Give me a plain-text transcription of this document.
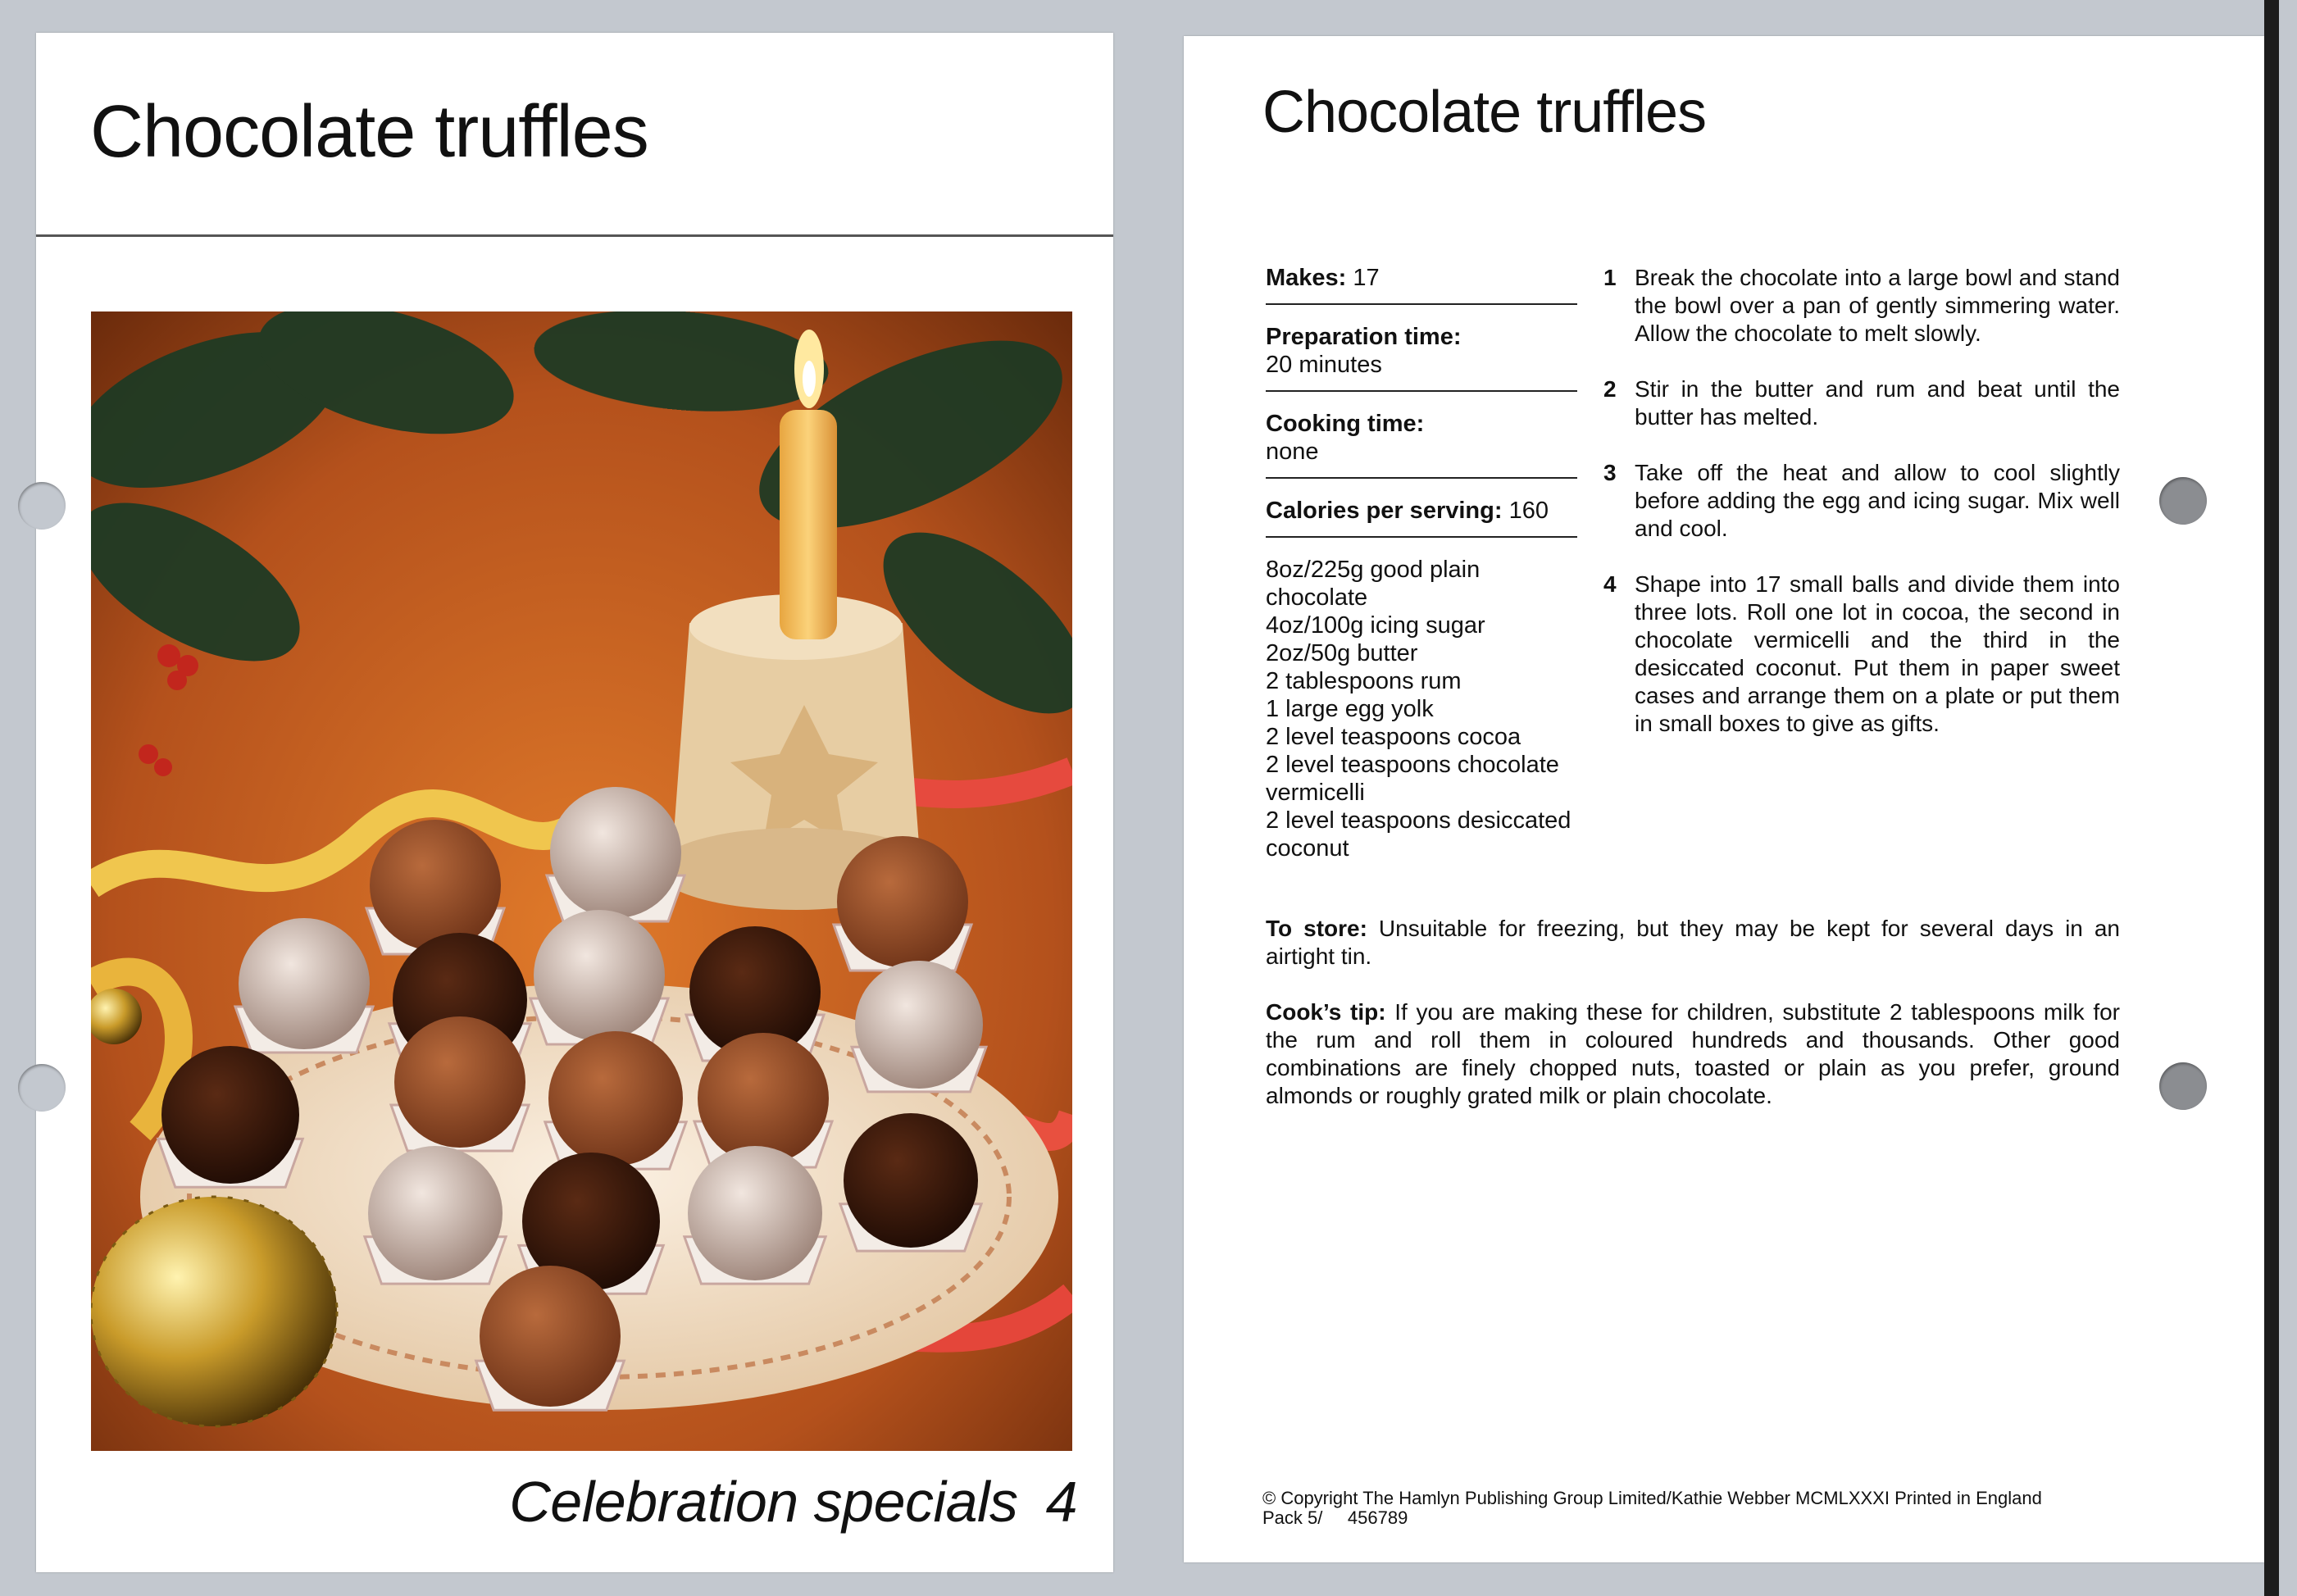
Chocolate truffles

Celebration specials 4

Chocolate truffles
Makes: 17
Preparation time:
20 minutes
Cooking time:
none
Calories per serving: 160
8oz/225g good plain chocolate
4oz/100g icing sugar
2oz/50g butter
2 tablespoons rum
1 large egg yolk
2 level teaspoons cocoa
2 level teaspoons chocolate vermicelli
2 level teaspoons desiccated coconut
1 Break the chocolate into a large bowl and stand the bowl over a pan of gently simmering water. Allow the chocolate to melt slowly.
2 Stir in the butter and rum and beat until the butter has melted.
3 Take off the heat and allow to cool slightly before adding the egg and icing sugar. Mix well and cool.
4 Shape into 17 small balls and divide them into three lots. Roll one lot in cocoa, the second in chocolate vermicelli and the third in the desiccated coconut. Put them in paper sweet cases and arrange them on a plate or put them in small boxes to give as gifts.
To store: Unsuitable for freezing, but they may be kept for several days in an airtight tin.
Cook’s tip: If you are making these for children, substitute 2 tablespoons milk for the rum and roll them in coloured hundreds and thousands. Other good combinations are finely chopped nuts, toasted or plain as you prefer, ground almonds or roughly grated milk or plain chocolate.
© Copyright The Hamlyn Publishing Group Limited/Kathie Webber MCMLXXXI Printed in England
Pack 5/     456789
